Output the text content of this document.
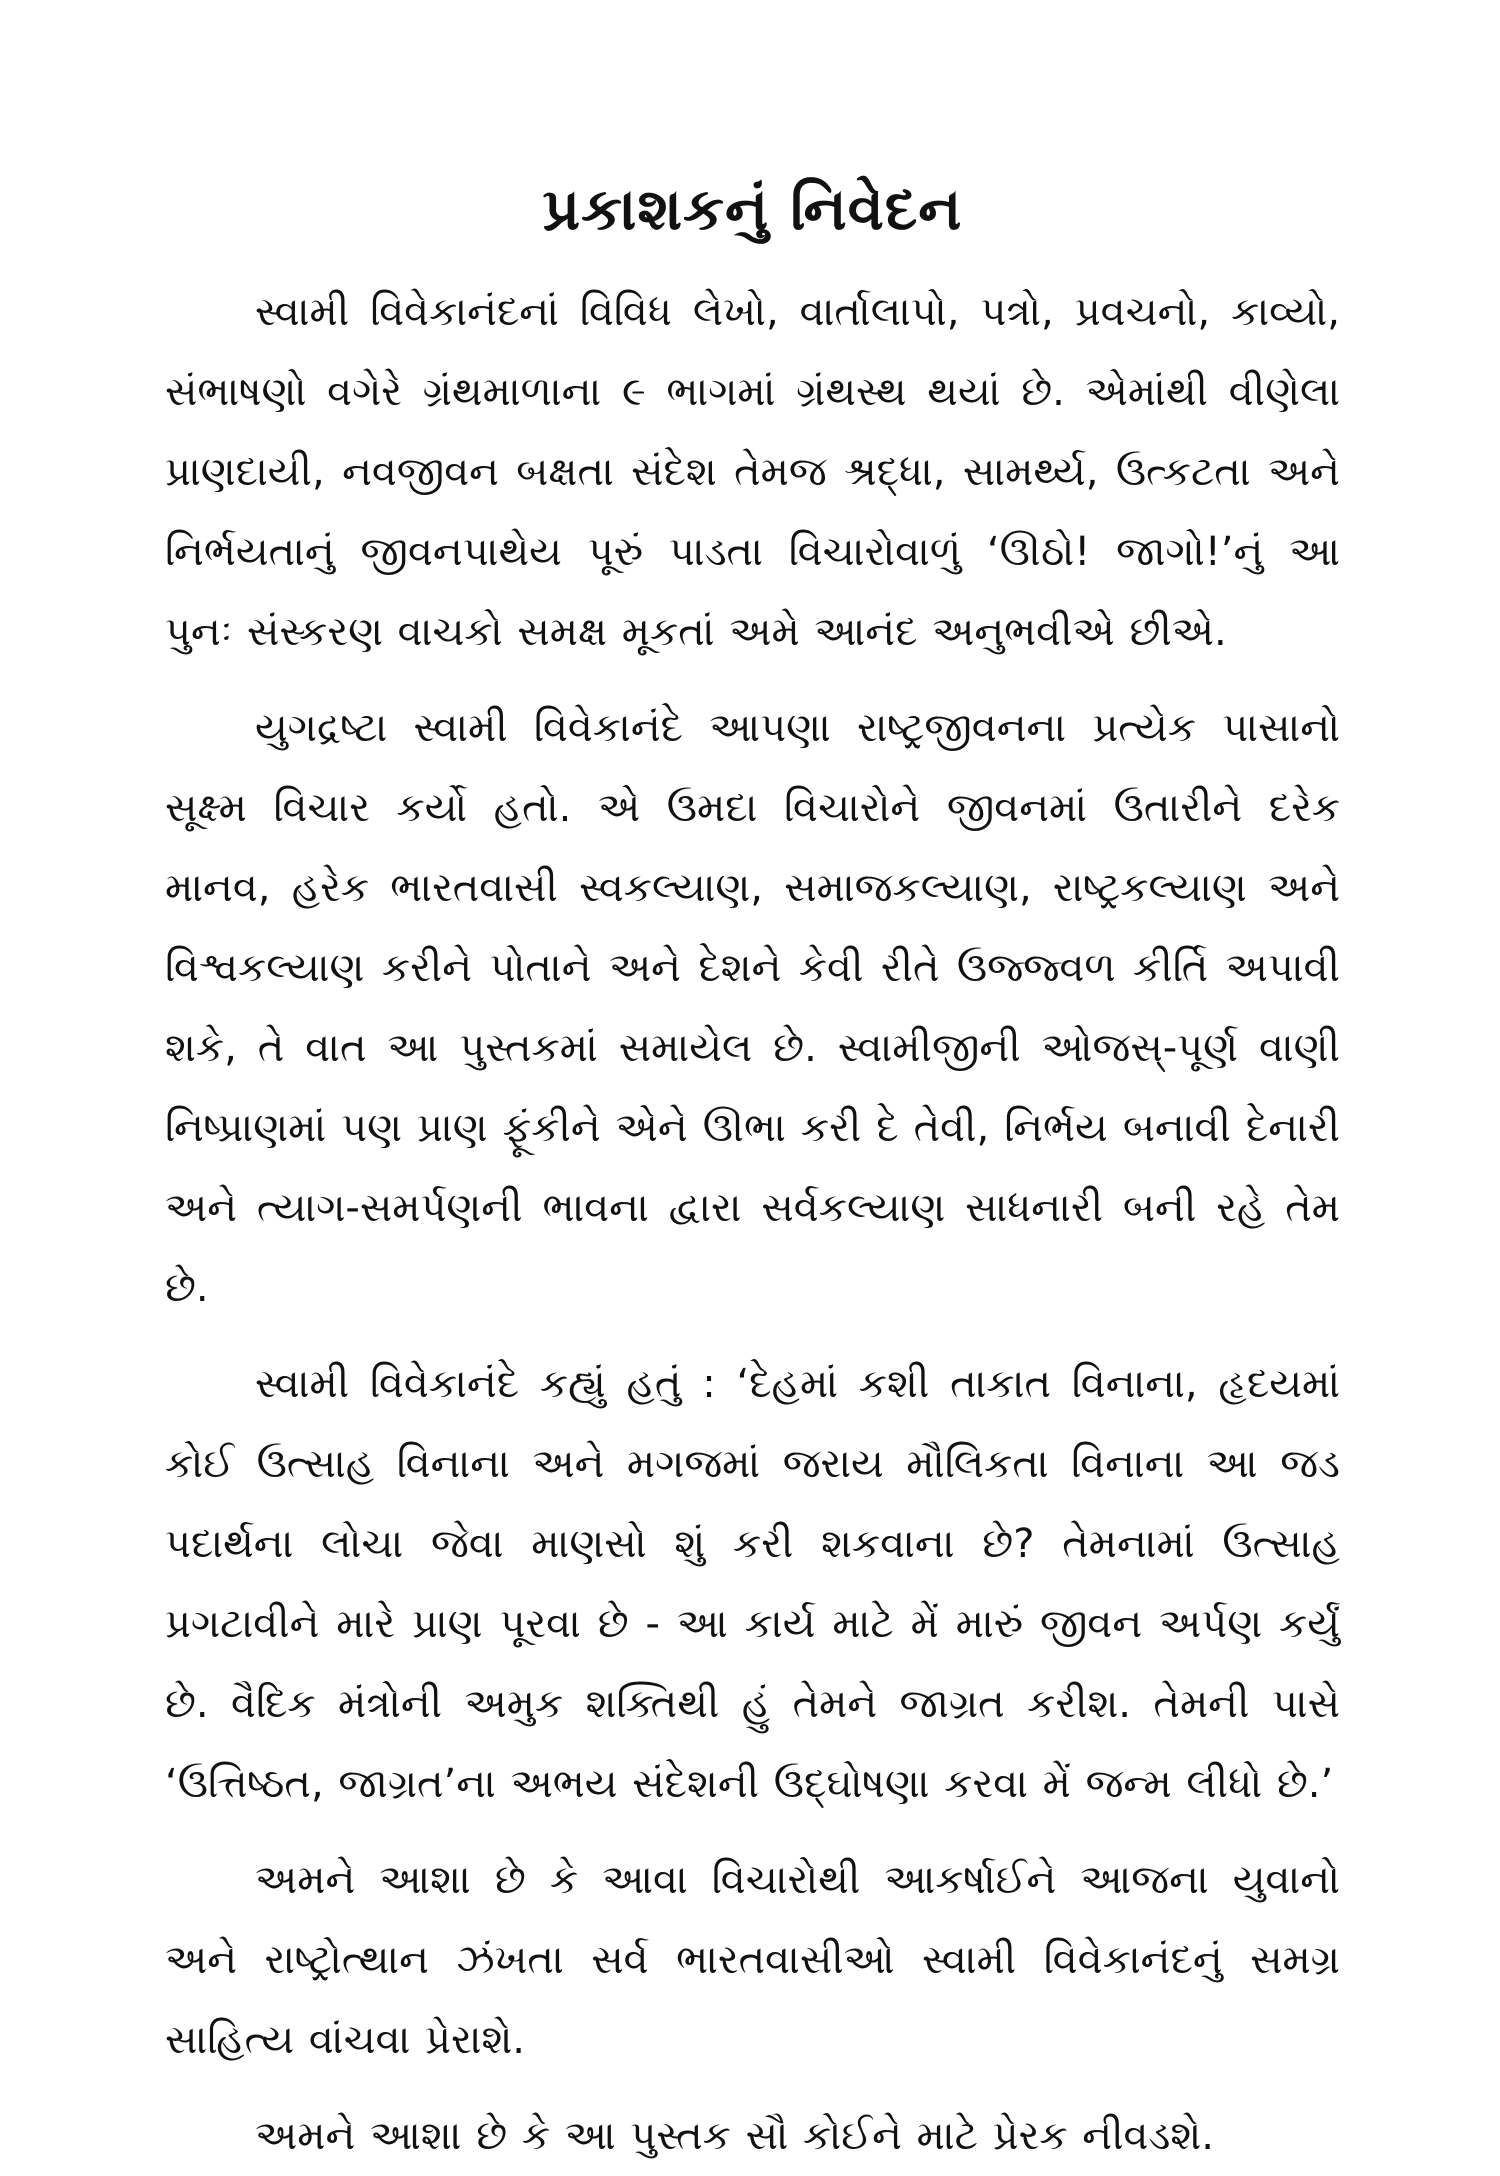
પ્રકાશકનું નિવેદન

સ્વામી વિવેકાનંદનાં વિવિધ લેખો, વાર્તાલાપો, પત્રો, પ્રવચનો, કાવ્યો, સંભાષણો વગેરે ગ્રંથમાળાના ૯ ભાગમાં ગ્રંથસ્થ થયાં છે. એમાંથી વીણેલા પ્રાણદાયી, નવજીવન બક્ષતા સંદેશ તેમજ શ્રદ્ધા, સામર્થ્ય, ઉત્કટતા અને નિર્ભયતાનું જીવનપાથેય પૂરું પાડતા વિચારોવાળું ‘ઊઠો! જાગો!’નું આ પુનઃ સંસ્કરણ વાચકો સમક્ષ મૂકતાં અમે આનંદ અનુભવીએ છીએ.

યુગદ્રષ્ટા સ્વામી વિવેકાનંદે આપણા રાષ્ટ્રજીવનના પ્રત્યેક પાસાનો સૂક્ષ્મ વિચાર કર્યો હતો. એ ઉમદા વિચારોને જીવનમાં ઉતારીને દરેક માનવ, હરેક ભારતવાસી સ્વકલ્યાણ, સમાજકલ્યાણ, રાષ્ટ્રકલ્યાણ અને વિશ્વકલ્યાણ કરીને પોતાને અને દેશને કેવી રીતે ઉજ્જ્વળ કીર્તિ અપાવી શકે, તે વાત આ પુસ્તકમાં સમાયેલ છે. સ્વામીજીની ઓજસ્-પૂર્ણ વાણી નિષ્પ્રાણમાં પણ પ્રાણ ફૂંકીને એને ઊભા કરી દે તેવી, નિર્ભય બનાવી દેનારી અને ત્યાગ-સમર્પણની ભાવના દ્વારા સર્વકલ્યાણ સાધનારી બની રહે તેમ છે.

સ્વામી વિવેકાનંદે કહ્યું હતું : ‘દેહમાં કશી તાકાત વિનાના, હૃદયમાં કોઈ ઉત્સાહ વિનાના અને મગજમાં જરાય મૌલિકતા વિનાના આ જડ પદાર્થના લોચા જેવા માણસો શું કરી શકવાના છે? તેમનામાં ઉત્સાહ પ્રગટાવીને મારે પ્રાણ પૂરવા છે - આ કાર્ય માટે મેં મારું જીવન અર્પણ કર્યું છે. વૈદિક મંત્રોની અમુક શક્તિથી હું તેમને જાગ્રત કરીશ. તેમની પાસે ‘ઉત્તિષ્ઠત, જાગ્રત’ના અભય સંદેશની ઉદ્ઘોષણા કરવા મેં જન્મ લીધો છે.’

અમને આશા છે કે આવા વિચારોથી આકર્ષાઈને આજના યુવાનો અને રાષ્ટ્રોત્થાન ઝંખતા સર્વ ભારતવાસીઓ સ્વામી વિવેકાનંદનું સમગ્ર સાહિત્ય વાંચવા પ્રેરાશે.

અમને આશા છે કે આ પુસ્તક સૌ કોઈને માટે પ્રેરક નીવડશે.
